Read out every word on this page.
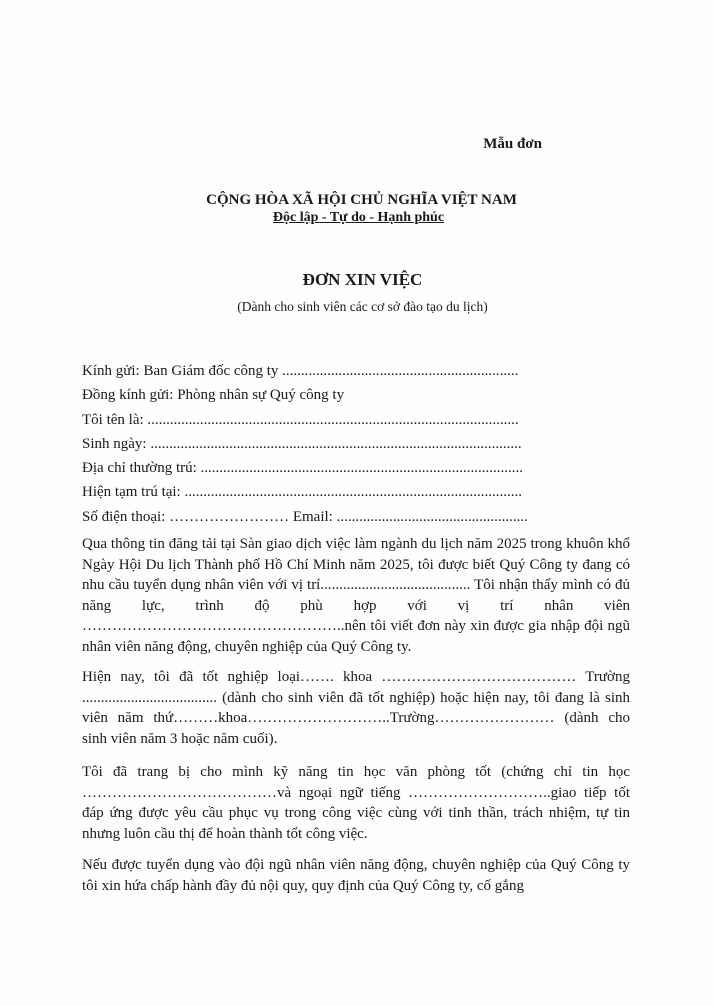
Mẫu đơn
CỘNG HÒA XÃ HỘI CHỦ NGHĨA VIỆT NAM
Độc lập - Tự do - Hạnh phúc
ĐƠN XIN VIỆC
(Dành cho sinh viên các cơ sở đào tạo du lịch)
Kính gửi: Ban Giám đốc công ty ...............................................................
Đồng kính gửi: Phòng nhân sự Quý công ty
Tôi tên là: ...................................................................................................
Sinh ngày: ...................................................................................................
Địa chỉ thường trú: ......................................................................................
Hiện tạm trú tại: ..........................................................................................
Số điện thoại: …………………… Email: ...................................................
Qua thông tin đăng tải tại Sàn giao dịch việc làm ngành du lịch năm 2025 trong khuôn khổ Ngày Hội Du lịch Thành phố Hồ Chí Minh năm 2025, tôi được biết Quý Công ty đang có nhu cầu tuyển dụng nhân viên với vị trí........................................ Tôi nhận thấy mình có đủ năng lực, trình độ phù hợp với vị trí nhân viên ……………………………………………..nên tôi viết đơn này xin được gia nhập đội ngũ nhân viên năng động, chuyên nghiệp của Quý Công ty.
Hiện nay, tôi đã tốt nghiệp loại……. khoa ………………………………… Trường .................................... (dành cho sinh viên đã tốt nghiệp) hoặc hiện nay, tôi đang là sinh viên năm thứ………khoa………………………..Trường…………………… (dành cho sinh viên năm 3 hoặc năm cuối).
Tôi đã trang bị cho mình kỹ năng tin học văn phòng tốt (chứng chỉ tin học …………………………………và ngoại ngữ tiếng ………………………..giao tiếp tốt đáp ứng được yêu cầu phục vụ trong công việc cùng với tinh thần, trách nhiệm, tự tin nhưng luôn cầu thị để hoàn thành tốt công việc.
Nếu được tuyển dụng vào đội ngũ nhân viên năng động, chuyên nghiệp của Quý Công ty tôi xin hứa chấp hành đầy đủ nội quy, quy định của Quý Công ty, cố gắng
